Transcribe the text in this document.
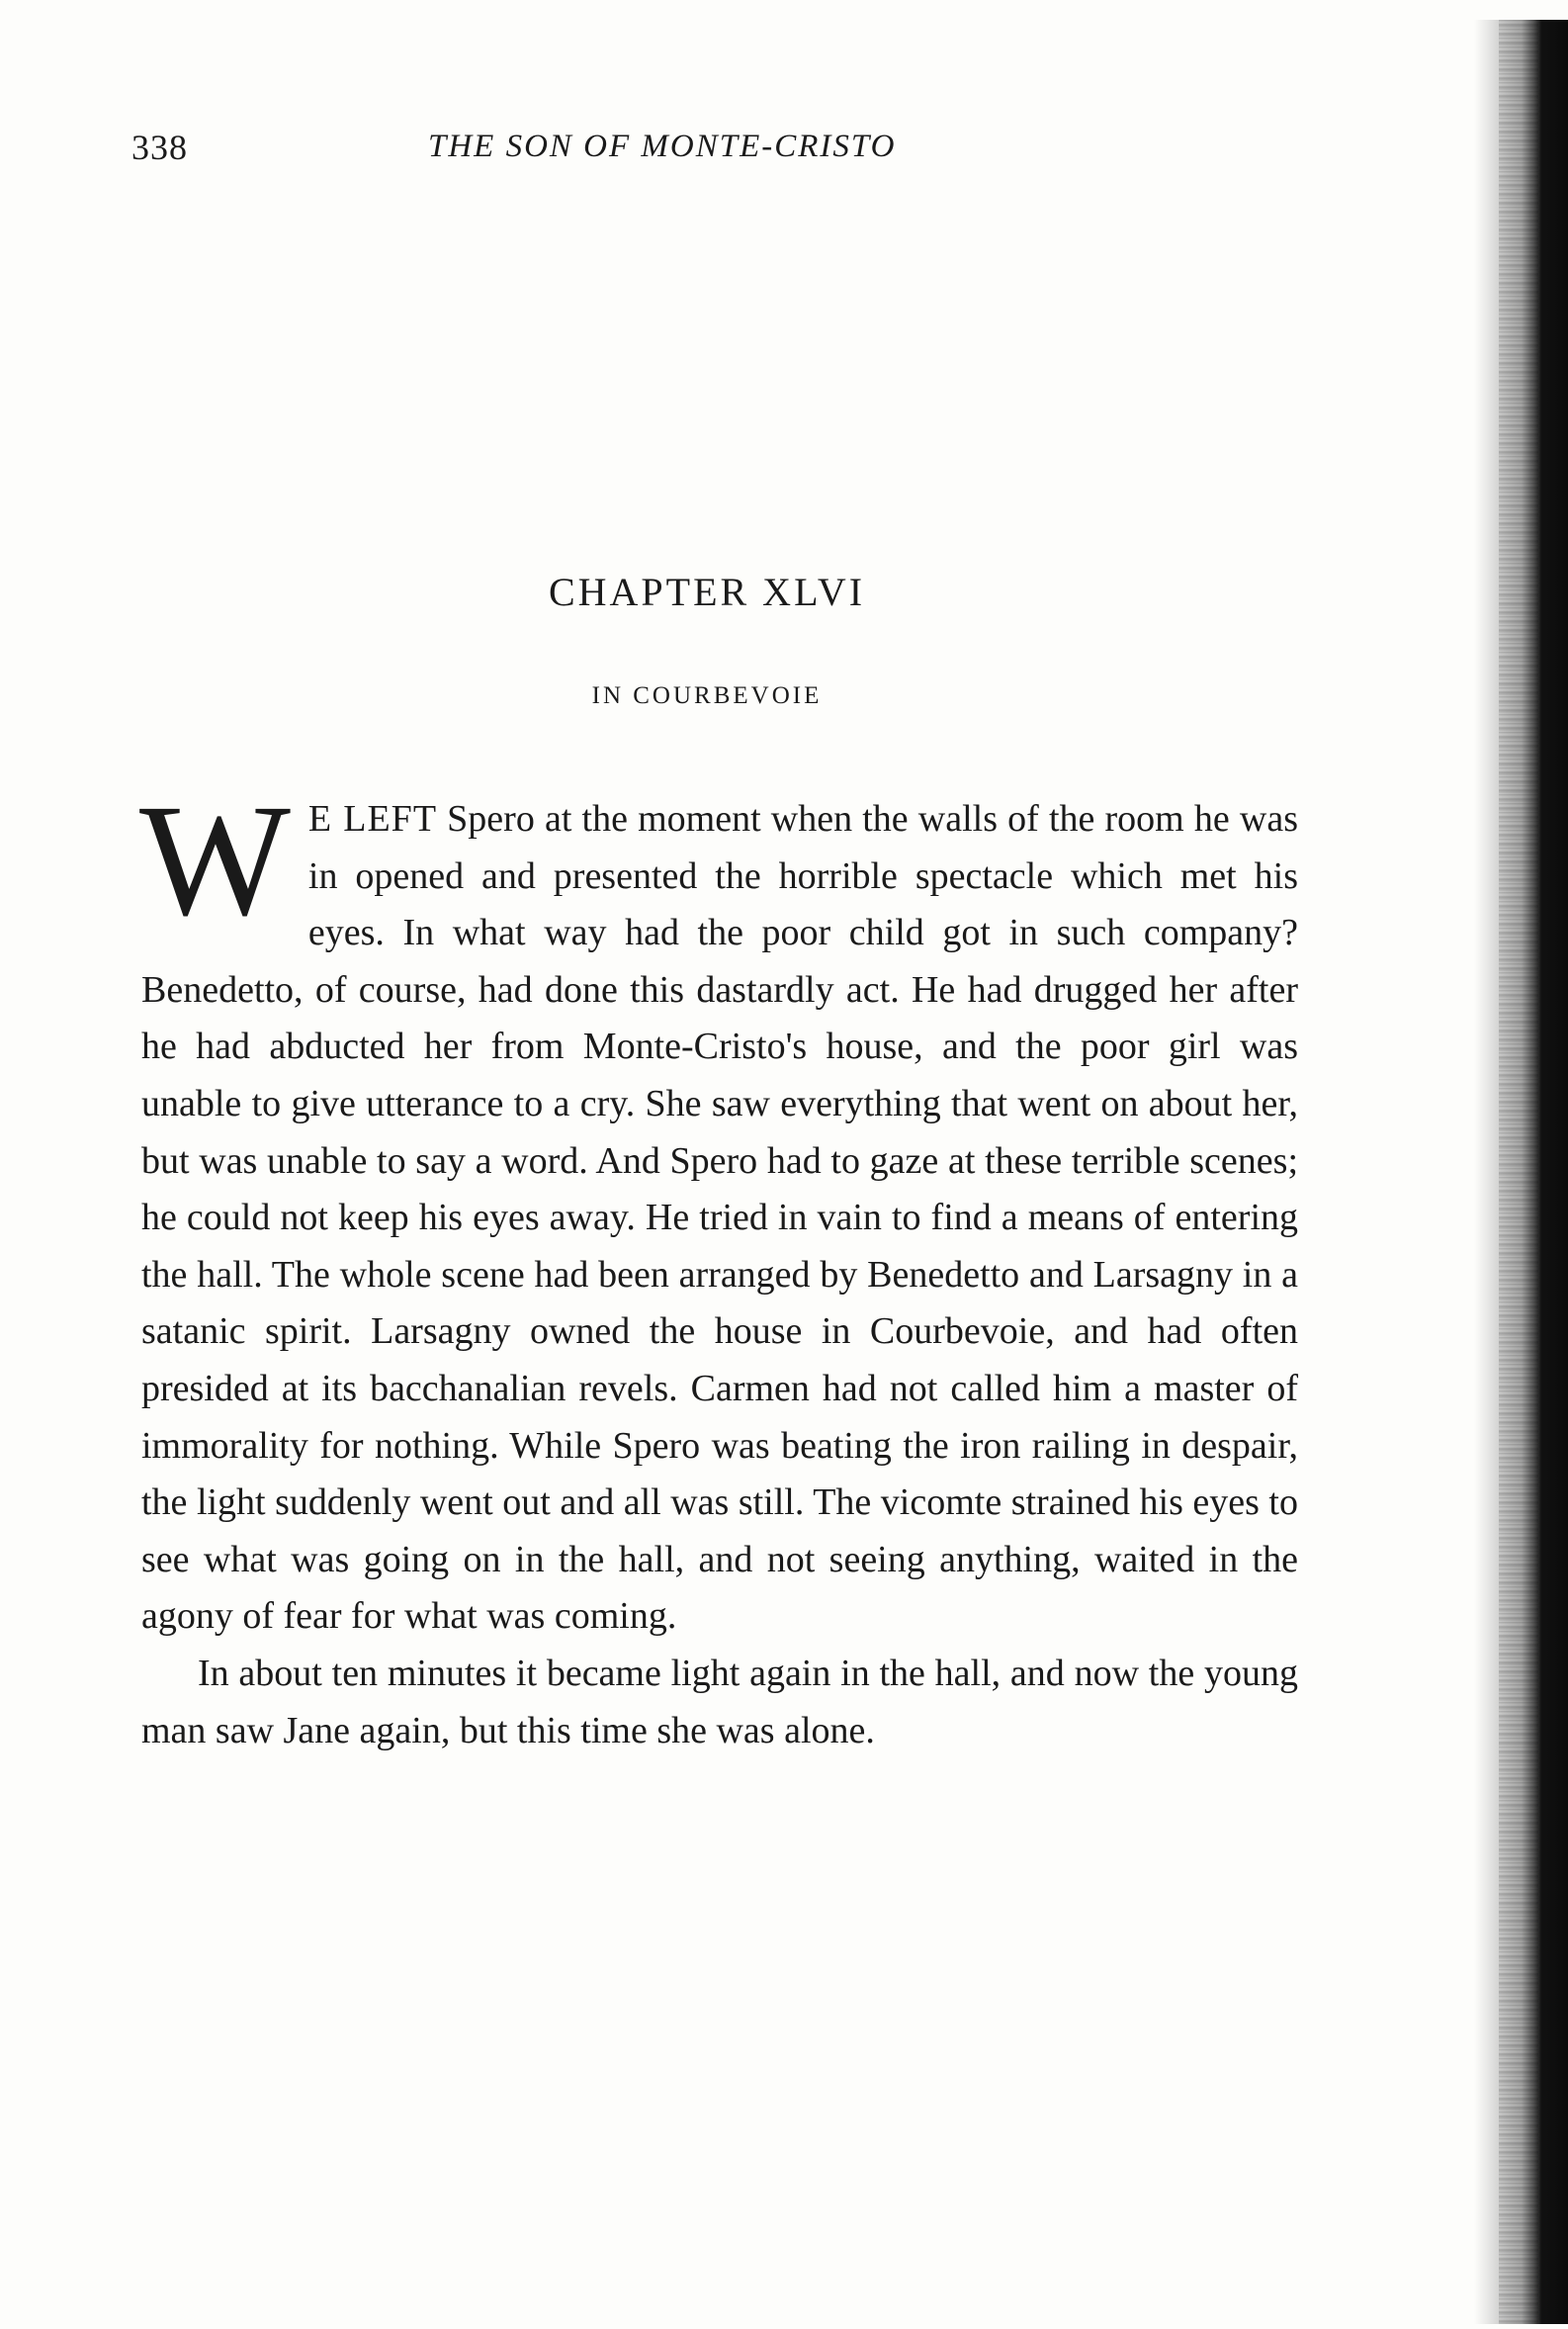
338	THE SON OF MONTE-CRISTO
CHAPTER XLVI
IN COURBEVOIE

W E LEFT Spero at the moment when the walls of the room he was in opened and presented the horrible spectacle which met his eyes. In what way had the poor child got in such company? Benedetto, of course, had done this dastardly act. He had drugged her after he had abducted her from Monte-Cristo's house, and the poor girl was unable to give utterance to a cry. She saw everything that went on about her, but was unable to say a word. And Spero had to gaze at these terrible scenes; he could not keep his eyes away. He tried in vain to find a means of entering the hall. The whole scene had been arranged by Benedetto and Larsagny in a satanic spirit. Larsagny owned the house in Courbevoie, and had often presided at its bacchanalian revels. Carmen had not called him a master of immorality for nothing. While Spero was beating the iron railing in despair, the light suddenly went out and all was still. The vicomte strained his eyes to see what was going on in the hall, and not seeing anything, waited in the agony of fear for what was coming.

In about ten minutes it became light again in the hall, and now the young man saw Jane again, but this time she was alone.
